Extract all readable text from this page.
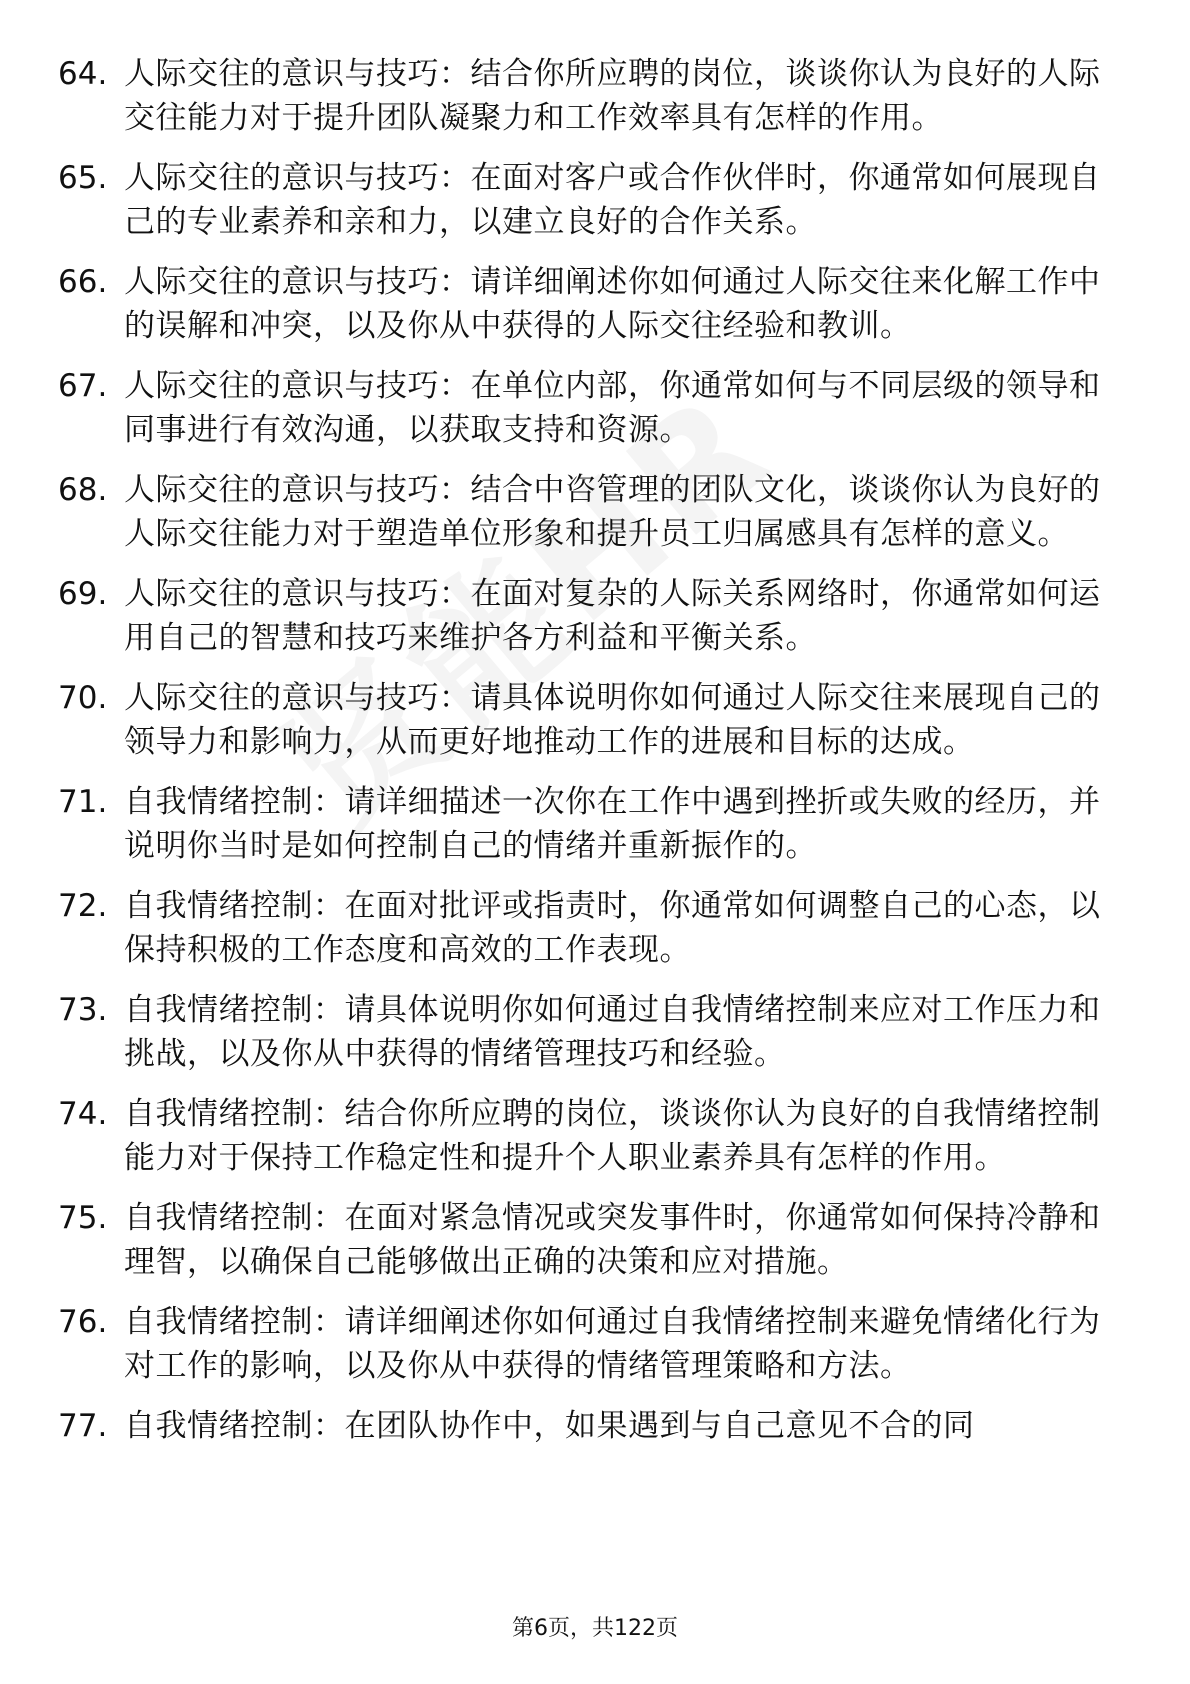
64. 人际交往的意识与技巧：结合你所应聘的岗位，谈谈你认为良好的人际交往能力对于提升团队凝聚力和工作效率具有怎样的作用。
65. 人际交往的意识与技巧：在面对客户或合作伙伴时，你通常如何展现自己的专业素养和亲和力，以建立良好的合作关系。
66. 人际交往的意识与技巧：请详细阐述你如何通过人际交往来化解工作中的误解和冲突，以及你从中获得的人际交往经验和教训。
67. 人际交往的意识与技巧：在单位内部，你通常如何与不同层级的领导和同事进行有效沟通，以获取支持和资源。
68. 人际交往的意识与技巧：结合中咨管理的团队文化，谈谈你认为良好的人际交往能力对于塑造单位形象和提升员工归属感具有怎样的意义。
69. 人际交往的意识与技巧：在面对复杂的人际关系网络时，你通常如何运用自己的智慧和技巧来维护各方利益和平衡关系。
70. 人际交往的意识与技巧：请具体说明你如何通过人际交往来展现自己的领导力和影响力，从而更好地推动工作的进展和目标的达成。
71. 自我情绪控制：请详细描述一次你在工作中遇到挫折或失败的经历，并说明你当时是如何控制自己的情绪并重新振作的。
72. 自我情绪控制：在面对批评或指责时，你通常如何调整自己的心态，以保持积极的工作态度和高效的工作表现。
73. 自我情绪控制：请具体说明你如何通过自我情绪控制来应对工作压力和挑战，以及你从中获得的情绪管理技巧和经验。
74. 自我情绪控制：结合你所应聘的岗位，谈谈你认为良好的自我情绪控制能力对于保持工作稳定性和提升个人职业素养具有怎样的作用。
75. 自我情绪控制：在面对紧急情况或突发事件时，你通常如何保持冷静和理智，以确保自己能够做出正确的决策和应对措施。
76. 自我情绪控制：请详细阐述你如何通过自我情绪控制来避免情绪化行为对工作的影响，以及你从中获得的情绪管理策略和方法。
77. 自我情绪控制：在团队协作中，如果遇到与自己意见不合的同
第6页，共122页
